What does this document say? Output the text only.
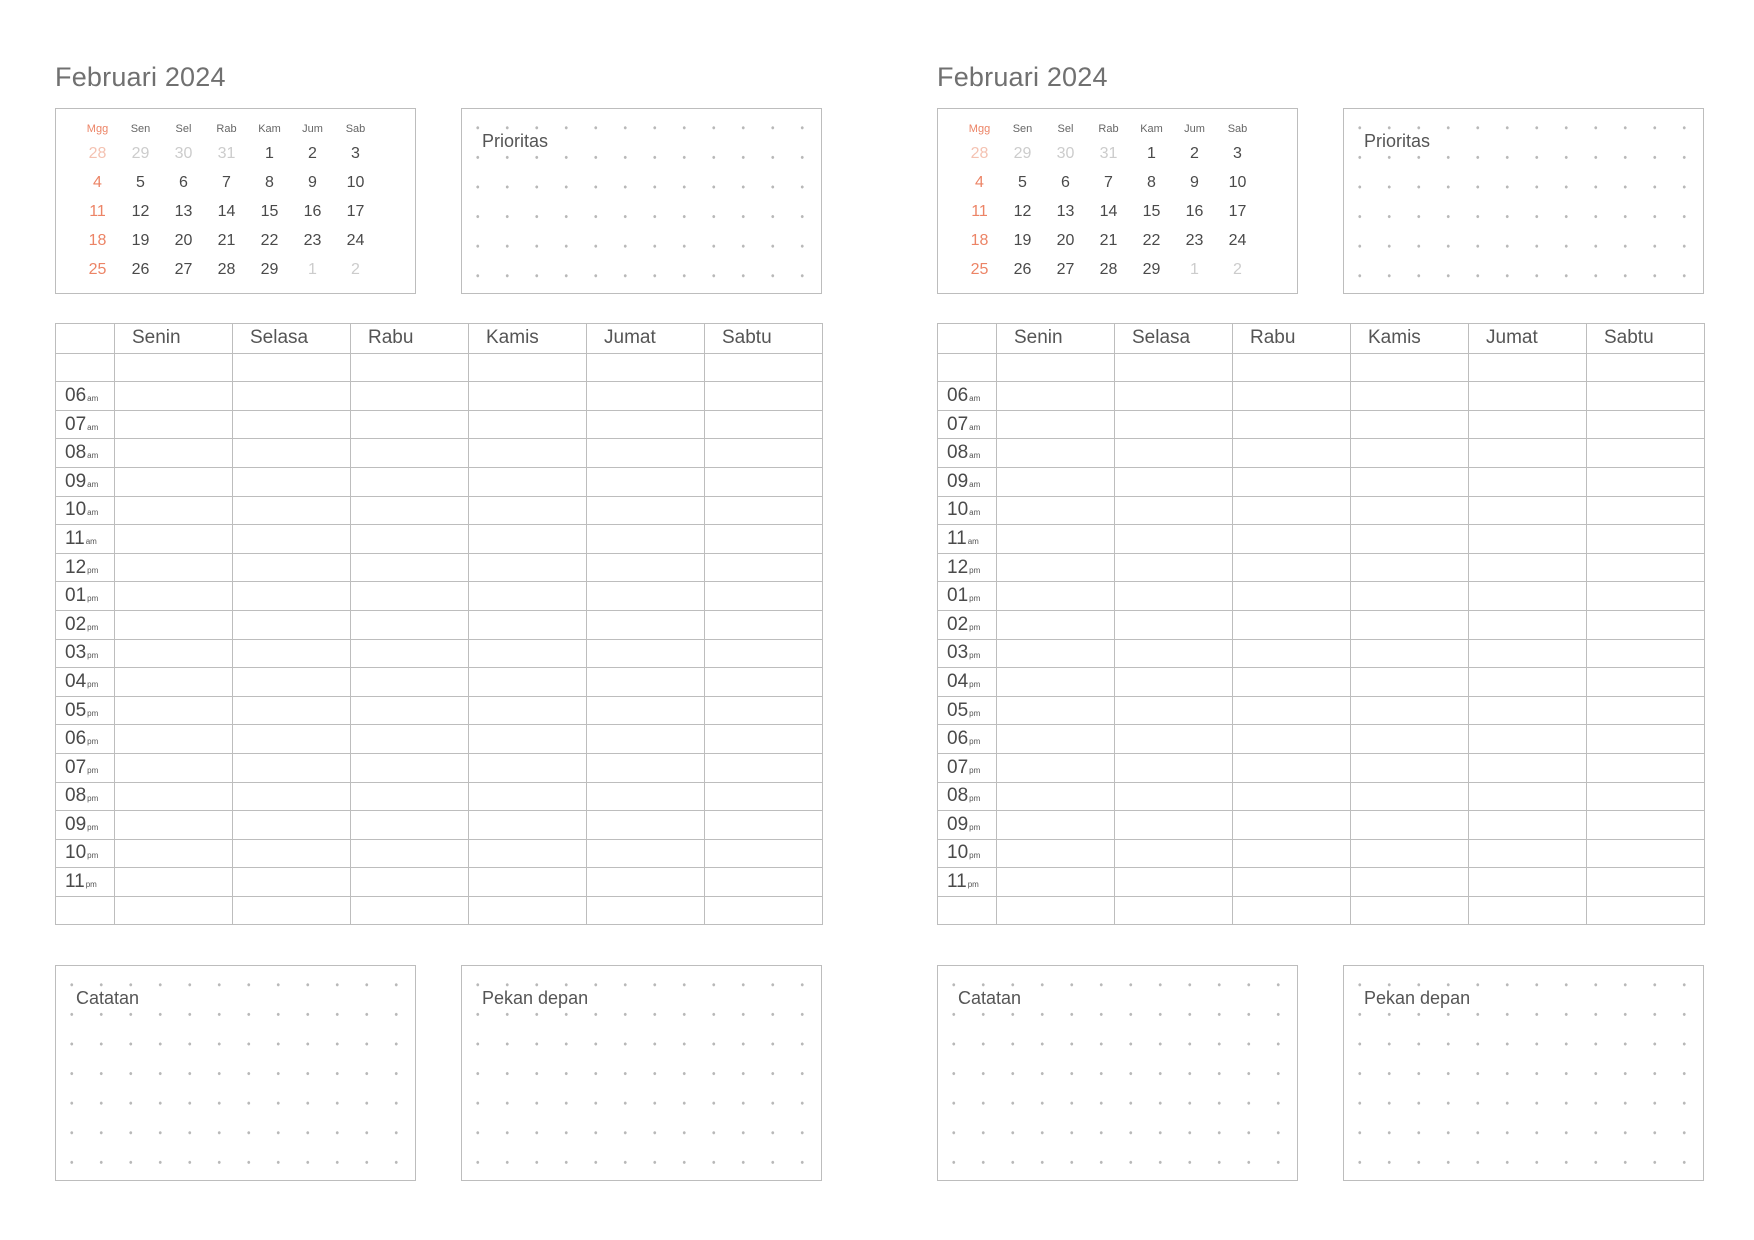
Februari 2024
Mgg	Sen	Sel	Rab	Kam	Jum	Sab
28	29	30	31	1	2	3
4	5	6	7	8	9	10
11	12	13	14	15	16	17
18	19	20	21	22	23	24
25	26	27	28	29	1	2
Prioritas
	Senin	Selasa	Rabu	Kamis	Jumat	Sabtu

06am						
07am						
08am						
09am						
10am						
11am						
12pm						
01pm						
02pm						
03pm						
04pm						
05pm						
06pm						
07pm						
08pm						
09pm						
10pm						
11pm						

Catatan	Pekan depan
Februari 2024
Mgg	Sen	Sel	Rab	Kam	Jum	Sab
28	29	30	31	1	2	3
4	5	6	7	8	9	10
11	12	13	14	15	16	17
18	19	20	21	22	23	24
25	26	27	28	29	1	2
Prioritas
	Senin	Selasa	Rabu	Kamis	Jumat	Sabtu

06am						
07am						
08am						
09am						
10am						
11am						
12pm						
01pm						
02pm						
03pm						
04pm						
05pm						
06pm						
07pm						
08pm						
09pm						
10pm						
11pm						

Catatan	Pekan depan
